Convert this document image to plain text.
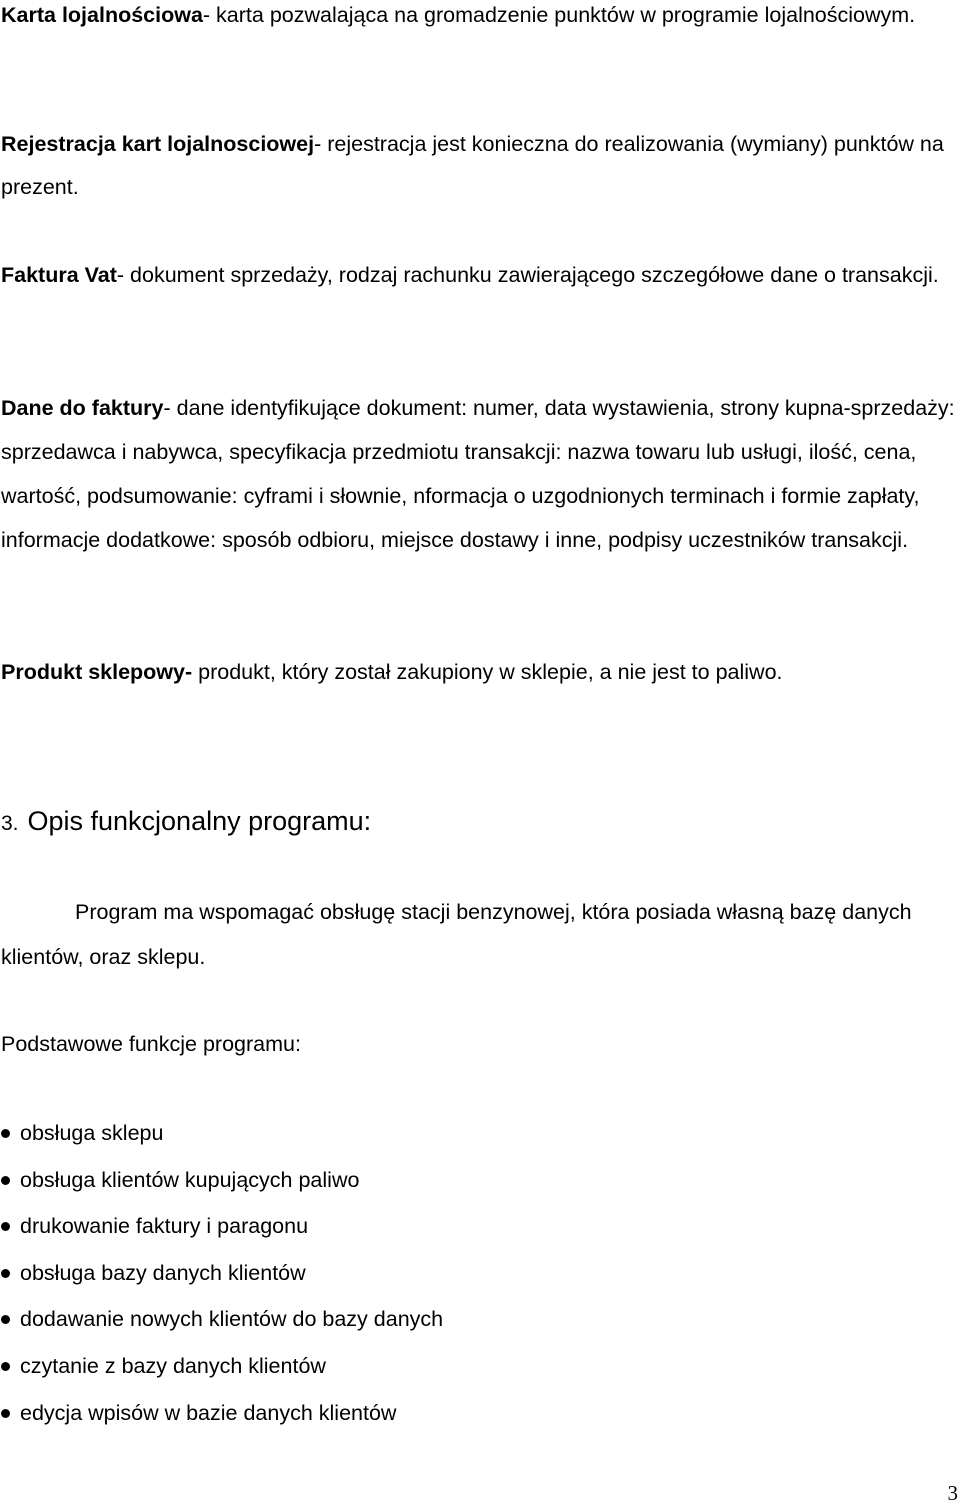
Karta lojalnościowa- karta pozwalająca na gromadzenie punktów w programie lojalnościowym.

Rejestracja kart lojalnosciowej- rejestracja jest konieczna do realizowania (wymiany) punktów na prezent.

Faktura Vat- dokument sprzedaży, rodzaj rachunku zawierającego szczegółowe dane o transakcji.

Dane do faktury- dane identyfikujące dokument: numer, data wystawienia, strony kupna-sprzedaży: sprzedawca i nabywca, specyfikacja przedmiotu transakcji: nazwa towaru lub usługi, ilość, cena, wartość, podsumowanie: cyframi i słownie, nformacja o uzgodnionych terminach i formie zapłaty, informacje dodatkowe: sposób odbioru, miejsce dostawy i inne, podpisy uczestników transakcji.

Produkt sklepowy- produkt, który został zakupiony w sklepie, a nie jest to paliwo.

3. Opis funkcjonalny programu:

Program ma wspomagać obsługę stacji benzynowej, która posiada własną bazę danych klientów, oraz sklepu.

Podstawowe funkcje programu:

obsługa sklepu
obsługa klientów kupujących paliwo
drukowanie faktury i paragonu
obsługa bazy danych klientów
dodawanie nowych klientów do bazy danych
czytanie z bazy danych klientów
edycja wpisów w bazie danych klientów
3
